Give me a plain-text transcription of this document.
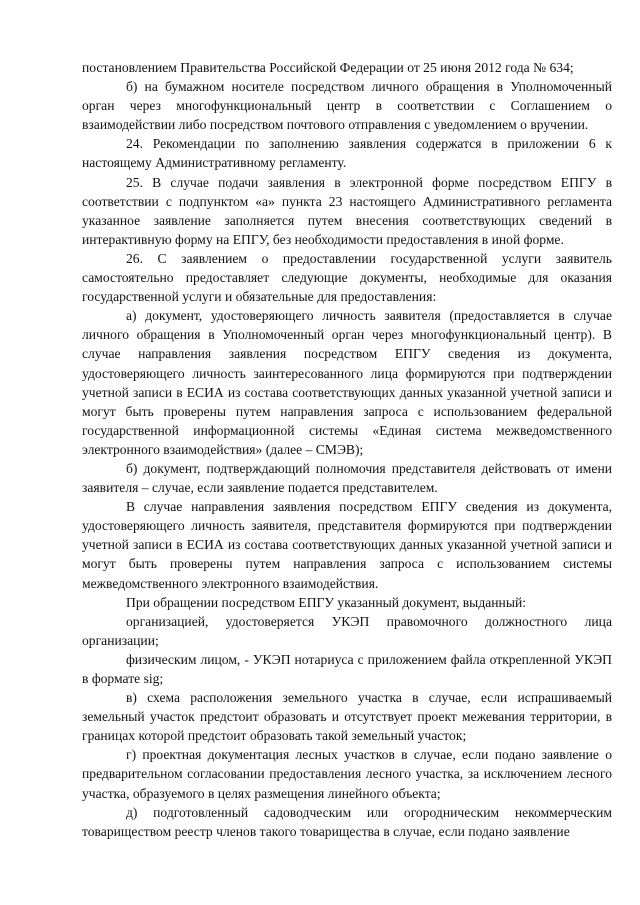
постановлением Правительства Российской Федерации от 25 июня 2012 года № 634;

б) на бумажном носителе посредством личного обращения в Уполномоченный орган через многофункциональный центр в соответствии с Соглашением о взаимодействии либо посредством почтового отправления с уведомлением о вручении.

24. Рекомендации по заполнению заявления содержатся в приложении 6 к настоящему Административному регламенту.

25. В случае подачи заявления в электронной форме посредством ЕПГУ в соответствии с подпунктом «а» пункта 23 настоящего Административного регламента указанное заявление заполняется путем внесения соответствующих сведений в интерактивную форму на ЕПГУ, без необходимости предоставления в иной форме.

26. С заявлением о предоставлении государственной услуги заявитель самостоятельно предоставляет следующие документы, необходимые для оказания государственной услуги и обязательные для предоставления:

а) документ, удостоверяющего личность заявителя (предоставляется в случае личного обращения в Уполномоченный орган через многофункциональный центр). В случае направления заявления посредством ЕПГУ сведения из документа, удостоверяющего личность заинтересованного лица формируются при подтверждении учетной записи в ЕСИА из состава соответствующих данных указанной учетной записи и могут быть проверены путем направления запроса с использованием федеральной государственной информационной системы «Единая система межведомственного электронного взаимодействия» (далее – СМЭВ);

б) документ, подтверждающий полномочия представителя действовать от имени заявителя – случае, если заявление подается представителем.

В случае направления заявления посредством ЕПГУ сведения из документа, удостоверяющего личность заявителя, представителя формируются при подтверждении учетной записи в ЕСИА из состава соответствующих данных указанной учетной записи и могут быть проверены путем направления запроса с использованием системы межведомственного электронного взаимодействия.

При обращении посредством ЕПГУ указанный документ, выданный:

организацией, удостоверяется УКЭП правомочного должностного лица организации;

физическим лицом, - УКЭП нотариуса с приложением файла открепленной УКЭП в формате sig;

в) схема расположения земельного участка в случае, если испрашиваемый земельный участок предстоит образовать и отсутствует проект межевания территории, в границах которой предстоит образовать такой земельный участок;

г) проектная документация лесных участков в случае, если подано заявление о предварительном согласовании предоставления лесного участка, за исключением лесного участка, образуемого в целях размещения линейного объекта;

д) подготовленный садоводческим или огородническим некоммерческим товариществом реестр членов такого товарищества в случае, если подано заявление
